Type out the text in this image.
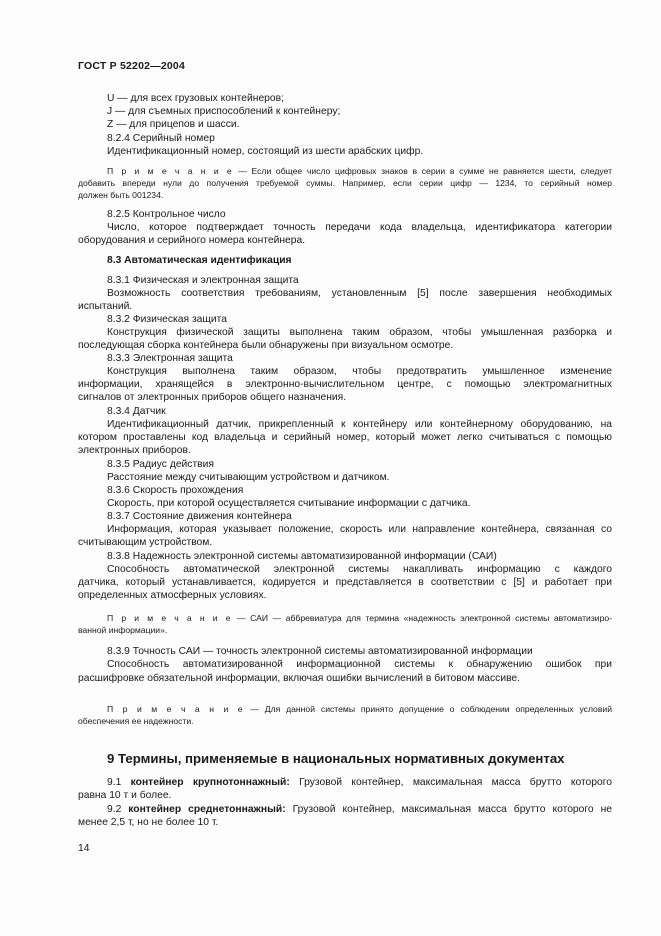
ГОСТ Р 52202—2004
U — для всех грузовых контейнеров;
J — для съемных приспособлений к контейнеру;
Z — для прицепов и шасси.
8.2.4 Серийный номер
Идентификационный номер, состоящий из шести арабских цифр.
П р и м е ч а н и е — Если общее число цифровых знаков в серии в сумме не равняется шести, следует
добавить впереди нули до получения требуемой суммы. Например, если серии цифр — 1234, то серийный номер
должен быть 001234.
8.2.5 Контрольное число
Число, которое подтверждает точность передачи кода владельца, идентификатора категории
оборудования и серийного номера контейнера.
8.3 Автоматическая идентификация
8.3.1 Физическая и электронная защита
Возможность соответствия требованиям, установленным [5] после завершения необходимых
испытаний.
8.3.2 Физическая защита
Конструкция физической защиты выполнена таким образом, чтобы умышленная разборка и
последующая сборка контейнера были обнаружены при визуальном осмотре.
8.3.3 Электронная защита
Конструкция выполнена таким образом, чтобы предотвратить умышленное изменение
информации, хранящейся в электронно-вычислительном центре, с помощью электромагнитных
сигналов от электронных приборов общего назначения.
8.3.4 Датчик
Идентификационный датчик, прикрепленный к контейнеру или контейнерному оборудованию, на
котором проставлены код владельца и серийный номер, который может легко считываться с помощью
электронных приборов.
8.3.5 Радиус действия
Расстояние между считывающим устройством и датчиком.
8.3.6 Скорость прохождения
Скорость, при которой осуществляется считывание информации с датчика.
8.3.7 Состояние движения контейнера
Информация, которая указывает положение, скорость или направление контейнера, связанная со
считывающим устройством.
8.3.8 Надежность электронной системы автоматизированной информации (САИ)
Способность автоматической электронной системы накапливать информацию с каждого
датчика, который устанавливается, кодируется и представляется в соответствии с [5] и работает при
определенных атмосферных условиях.
П р и м е ч а н и е — САИ — аббревиатура для термина «надежность электронной системы автоматизиро-
ванной информации».
8.3.9 Точность САИ — точность электронной системы автоматизированной информации
Способность автоматизированной информационной системы к обнаружению ошибок при
расшифровке обязательной информации, включая ошибки вычислений в битовом массиве.
П р и м е ч а н и е — Для данной системы принято допущение о соблюдении определенных условий
обеспечения ее надежности.
9 Термины, применяемые в национальных нормативных документах
9.1 контейнер крупнотоннажный: Грузовой контейнер, максимальная масса брутто которого
равна 10 т и более.
9.2 контейнер среднетоннажный: Грузовой контейнер, максимальная масса брутто которого не
менее 2,5 т, но не более 10 т.
14
